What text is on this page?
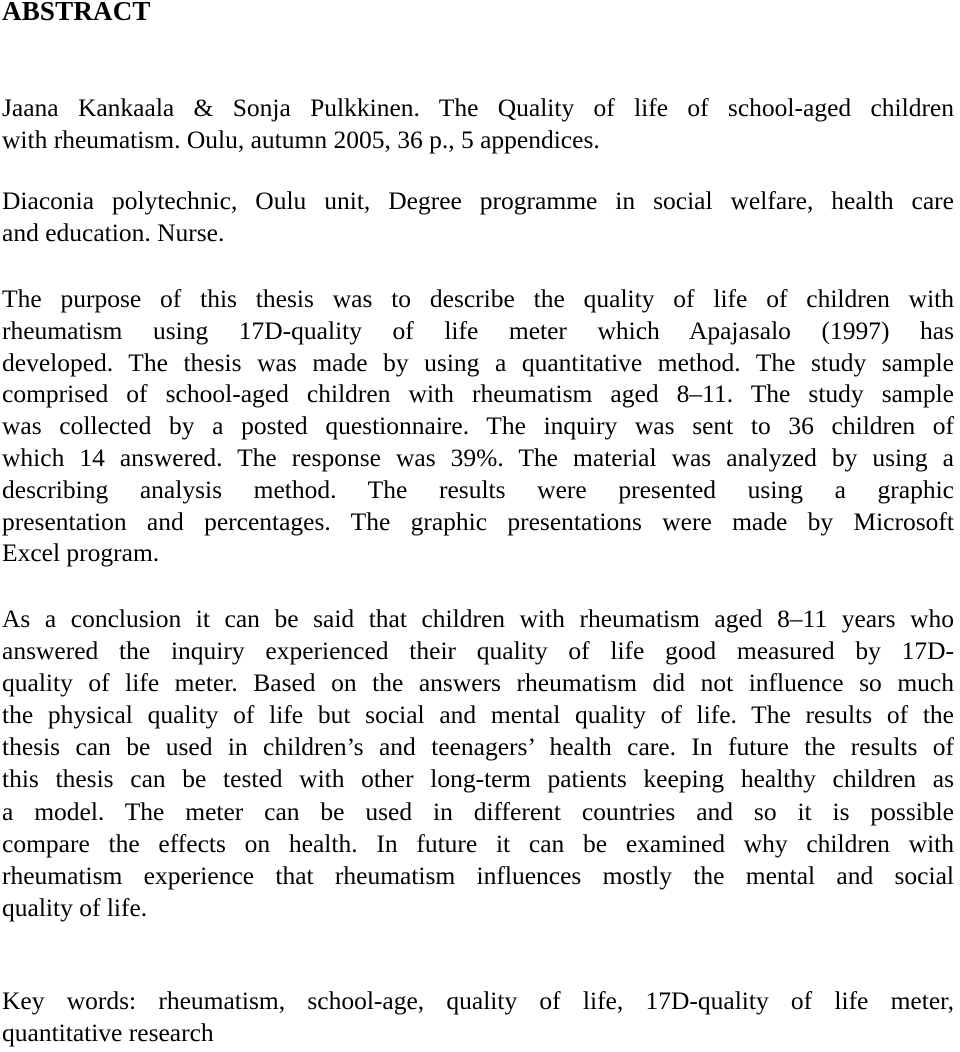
ABSTRACT

Jaana Kankaala & Sonja Pulkkinen. The Quality of life of school-aged children
with rheumatism. Oulu, autumn 2005, 36 p., 5 appendices.

Diaconia polytechnic, Oulu unit, Degree programme in social welfare, health care
and education. Nurse.

The purpose of this thesis was to describe the quality of life of children with
rheumatism using 17D-quality of life meter which Apajasalo (1997) has
developed. The thesis was made by using a quantitative method. The study sample
comprised of school-aged children with rheumatism aged 8–11. The study sample
was collected by a posted questionnaire. The inquiry was sent to 36 children of
which 14 answered. The response was 39%. The material was analyzed by using a
describing analysis method. The results were presented using a graphic
presentation and percentages. The graphic presentations were made by Microsoft
Excel program.

As a conclusion it can be said that children with rheumatism aged 8–11 years who
answered the inquiry experienced their quality of life good measured by 17D-
quality of life meter. Based on the answers rheumatism did not influence so much
the physical quality of life but social and mental quality of life. The results of the
thesis can be used in children’s and teenagers’ health care. In future the results of
this thesis can be tested with other long-term patients keeping healthy children as
a model. The meter can be used in different countries and so it is possible
compare the effects on health. In future it can be examined why children with
rheumatism experience that rheumatism influences mostly the mental and social
quality of life.

Key words: rheumatism, school-age, quality of life, 17D-quality of life meter,
quantitative research
